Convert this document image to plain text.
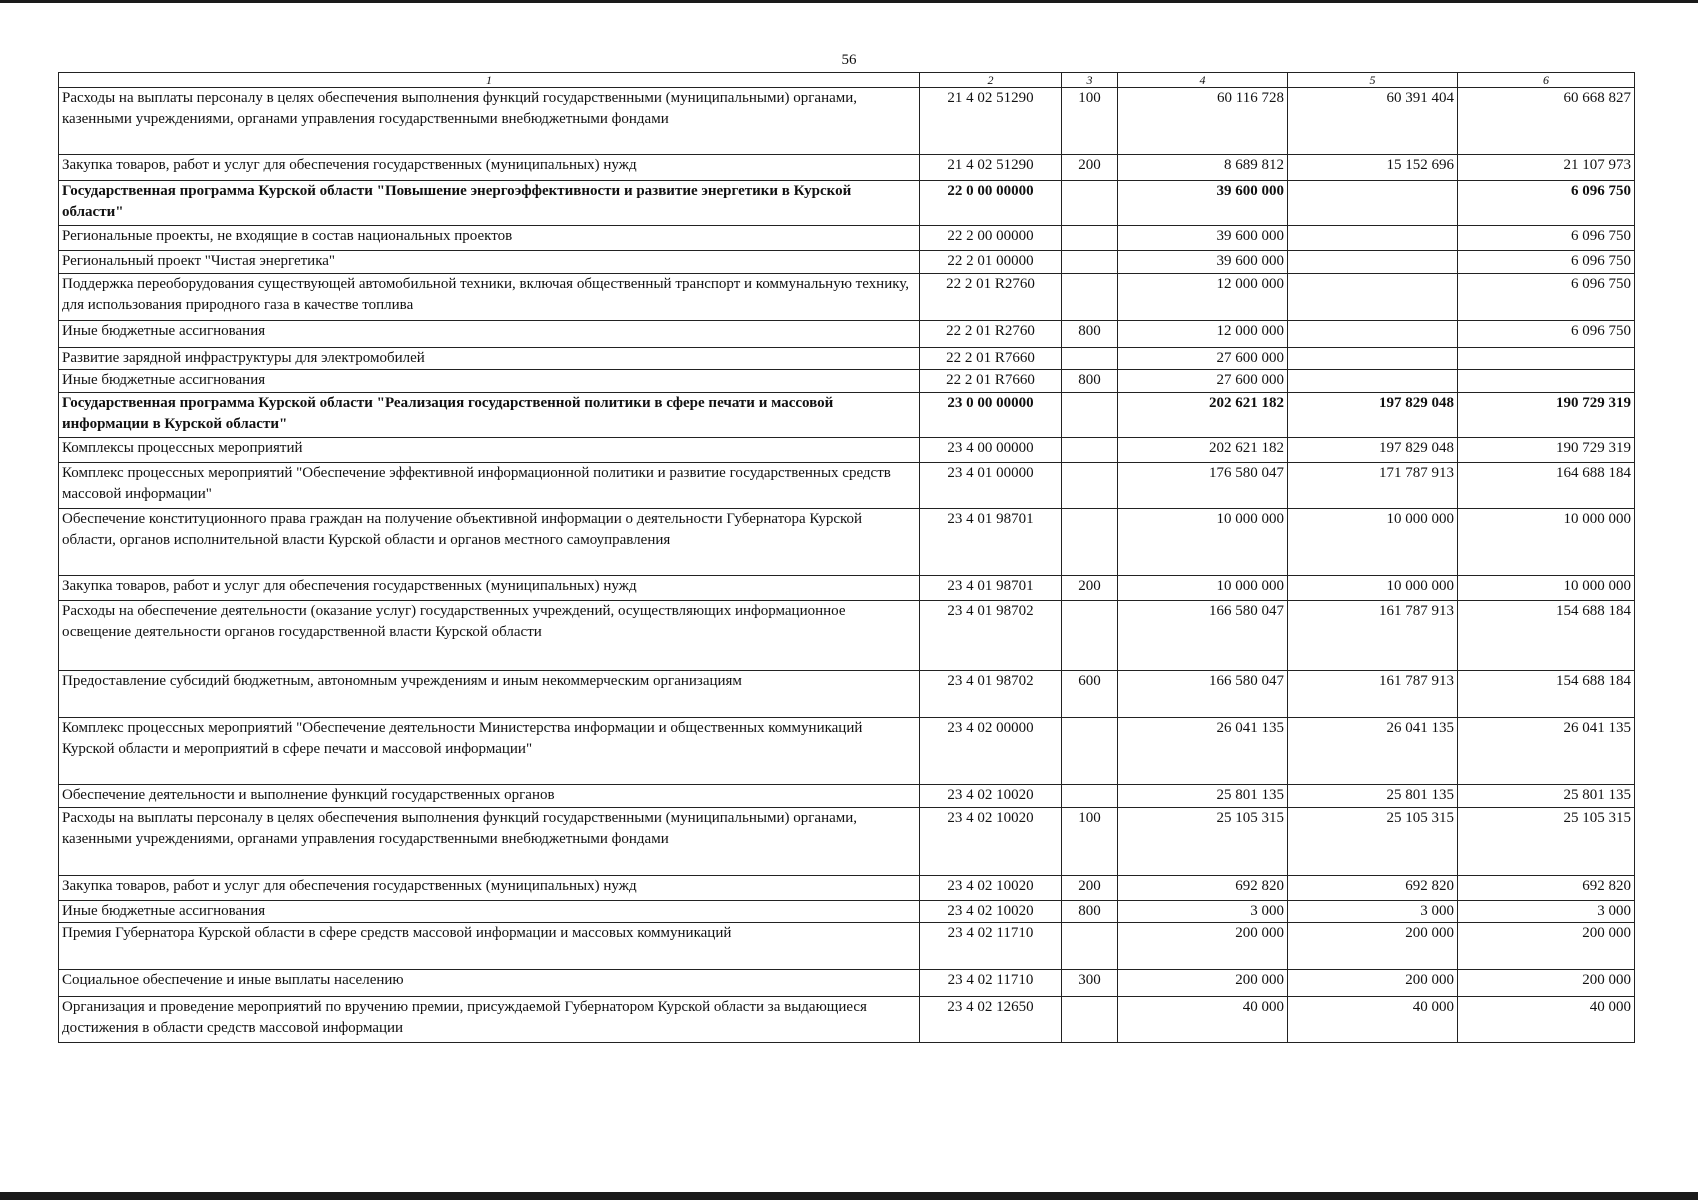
56
1	2	3	4	5	6
Расходы на выплаты персоналу в целях обеспечения выполнения функций государственными (муниципальными) органами, казенными учреждениями, органами управления государственными внебюджетными фондами	21 4 02 51290	100	60 116 728	60 391 404	60 668 827
Закупка товаров, работ и услуг для обеспечения государственных (муниципальных) нужд	21 4 02 51290	200	8 689 812	15 152 696	21 107 973
Государственная программа Курской области "Повышение энергоэффективности и развитие энергетики в Курской области"	22 0 00 00000		39 600 000		6 096 750
Региональные проекты, не входящие в состав национальных проектов	22 2 00 00000		39 600 000		6 096 750
Региональный проект "Чистая энергетика"	22 2 01 00000		39 600 000		6 096 750
Поддержка переоборудования существующей автомобильной техники, включая общественный транспорт и коммунальную технику, для использования природного газа в качестве топлива	22 2 01 R2760		12 000 000		6 096 750
Иные бюджетные ассигнования	22 2 01 R2760	800	12 000 000		6 096 750
Развитие зарядной инфраструктуры для электромобилей	22 2 01 R7660		27 600 000		
Иные бюджетные ассигнования	22 2 01 R7660	800	27 600 000		
Государственная программа Курской области "Реализация государственной политики в сфере печати и массовой информации в Курской области"	23 0 00 00000		202 621 182	197 829 048	190 729 319
Комплексы процессных мероприятий	23 4 00 00000		202 621 182	197 829 048	190 729 319
Комплекс процессных мероприятий "Обеспечение эффективной информационной политики и развитие государственных средств массовой информации"	23 4 01 00000		176 580 047	171 787 913	164 688 184
Обеспечение конституционного права граждан на получение объективной информации о деятельности Губернатора Курской области, органов исполнительной власти Курской области и органов местного самоуправления	23 4 01 98701		10 000 000	10 000 000	10 000 000
Закупка товаров, работ и услуг для обеспечения государственных (муниципальных) нужд	23 4 01 98701	200	10 000 000	10 000 000	10 000 000
Расходы на обеспечение деятельности (оказание услуг) государственных учреждений, осуществляющих информационное освещение деятельности органов государственной власти Курской области	23 4 01 98702		166 580 047	161 787 913	154 688 184
Предоставление субсидий бюджетным, автономным учреждениям и иным некоммерческим организациям	23 4 01 98702	600	166 580 047	161 787 913	154 688 184
Комплекс процессных мероприятий "Обеспечение деятельности Министерства информации и общественных коммуникаций Курской области и мероприятий в сфере печати и массовой информации"	23 4 02 00000		26 041 135	26 041 135	26 041 135
Обеспечение деятельности и выполнение функций государственных органов	23 4 02 10020		25 801 135	25 801 135	25 801 135
Расходы на выплаты персоналу в целях обеспечения выполнения функций государственными (муниципальными) органами, казенными учреждениями, органами управления государственными внебюджетными фондами	23 4 02 10020	100	25 105 315	25 105 315	25 105 315
Закупка товаров, работ и услуг для обеспечения государственных (муниципальных) нужд	23 4 02 10020	200	692 820	692 820	692 820
Иные бюджетные ассигнования	23 4 02 10020	800	3 000	3 000	3 000
Премия Губернатора Курской области в сфере средств массовой информации и массовых коммуникаций	23 4 02 11710		200 000	200 000	200 000
Социальное обеспечение и иные выплаты населению	23 4 02 11710	300	200 000	200 000	200 000
Организация и проведение мероприятий по вручению премии, присуждаемой Губернатором Курской области за выдающиеся достижения в области средств массовой информации	23 4 02 12650		40 000	40 000	40 000
